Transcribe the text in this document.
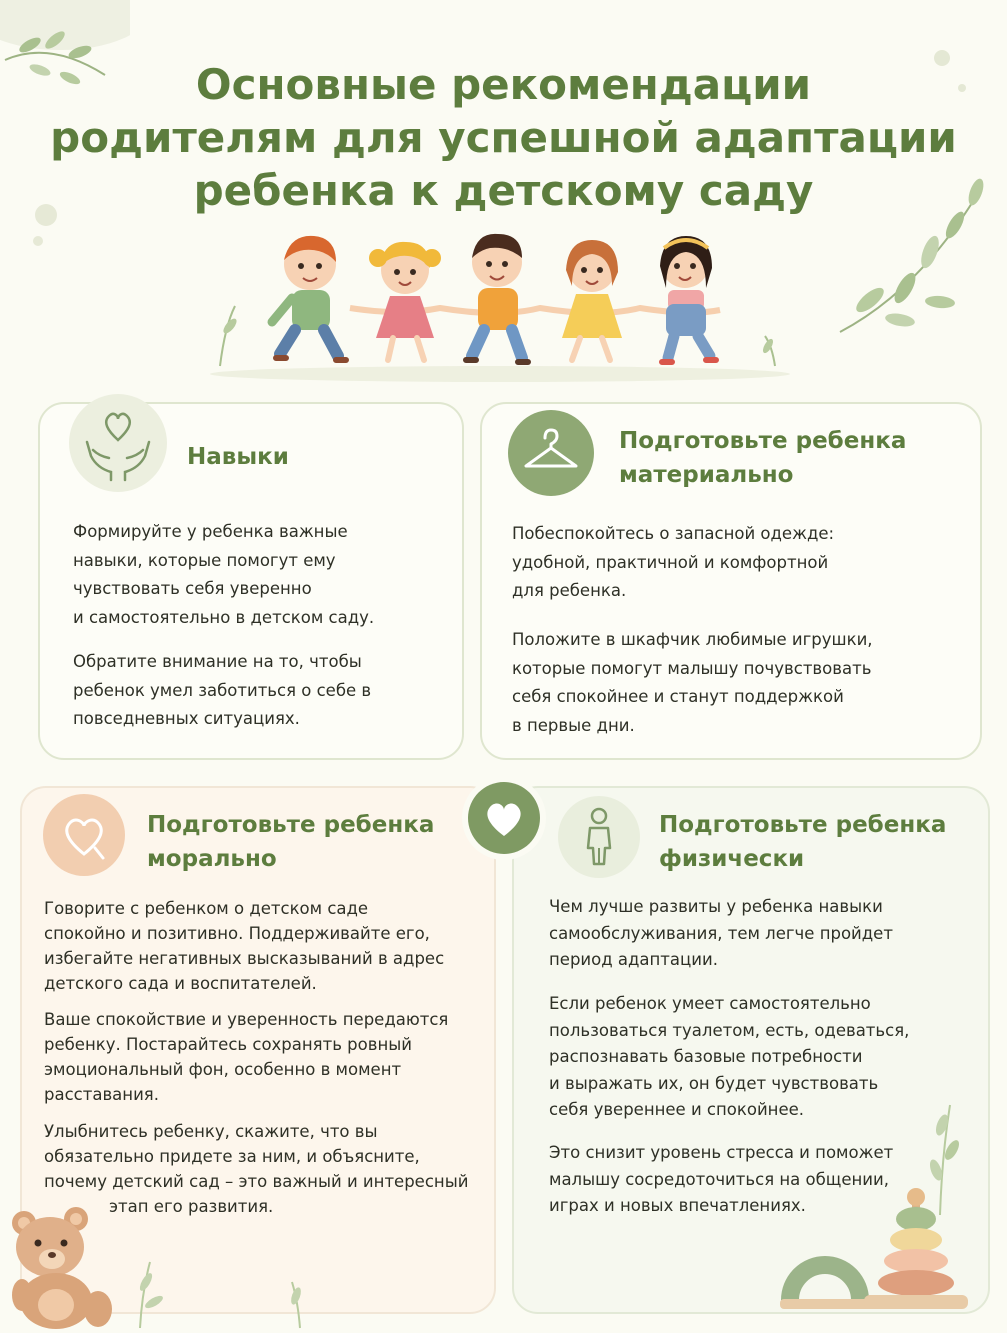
Основные рекомендации
родителям для успешной адаптации
ребенка к детскому саду
Навыки

Формируйте у ребенка важные
навыки, которые помогут ему
чувствовать себя уверенно
и самостоятельно в детском саду.

Обратите внимание на то, чтобы
ребенок умел заботиться о себе в
повседневных ситуациях.

Подготовьте ребенка
материально

Побеспокойтесь о запасной одежде:
удобной, практичной и комфортной
для ребенка.

Положите в шкафчик любимые игрушки,
которые помогут малышу почувствовать
себя спокойнее и станут поддержкой
в первые дни.

Подготовьте ребенка
морально

Говорите с ребенком о детском саде
спокойно и позитивно. Поддерживайте его,
избегайте негативных высказываний в адрес
детского сада и воспитателей.

Ваше спокойствие и уверенность передаются
ребенку. Постарайтесь сохранять ровный
эмоциональный фон, особенно в момент
расставания.

Улыбнитесь ребенку, скажите, что вы
обязательно придете за ним, и объясните,
почему детский сад – это важный и интересный
этап его развития.

Подготовьте ребенка
физически

Чем лучше развиты у ребенка навыки
самообслуживания, тем легче пройдет
период адаптации.

Если ребенок умеет самостоятельно
пользоваться туалетом, есть, одеваться,
распознавать базовые потребности
и выражать их, он будет чувствовать
себя увереннее и спокойнее.

Это снизит уровень стресса и поможет
малышу сосредоточиться на общении,
играх и новых впечатлениях.
